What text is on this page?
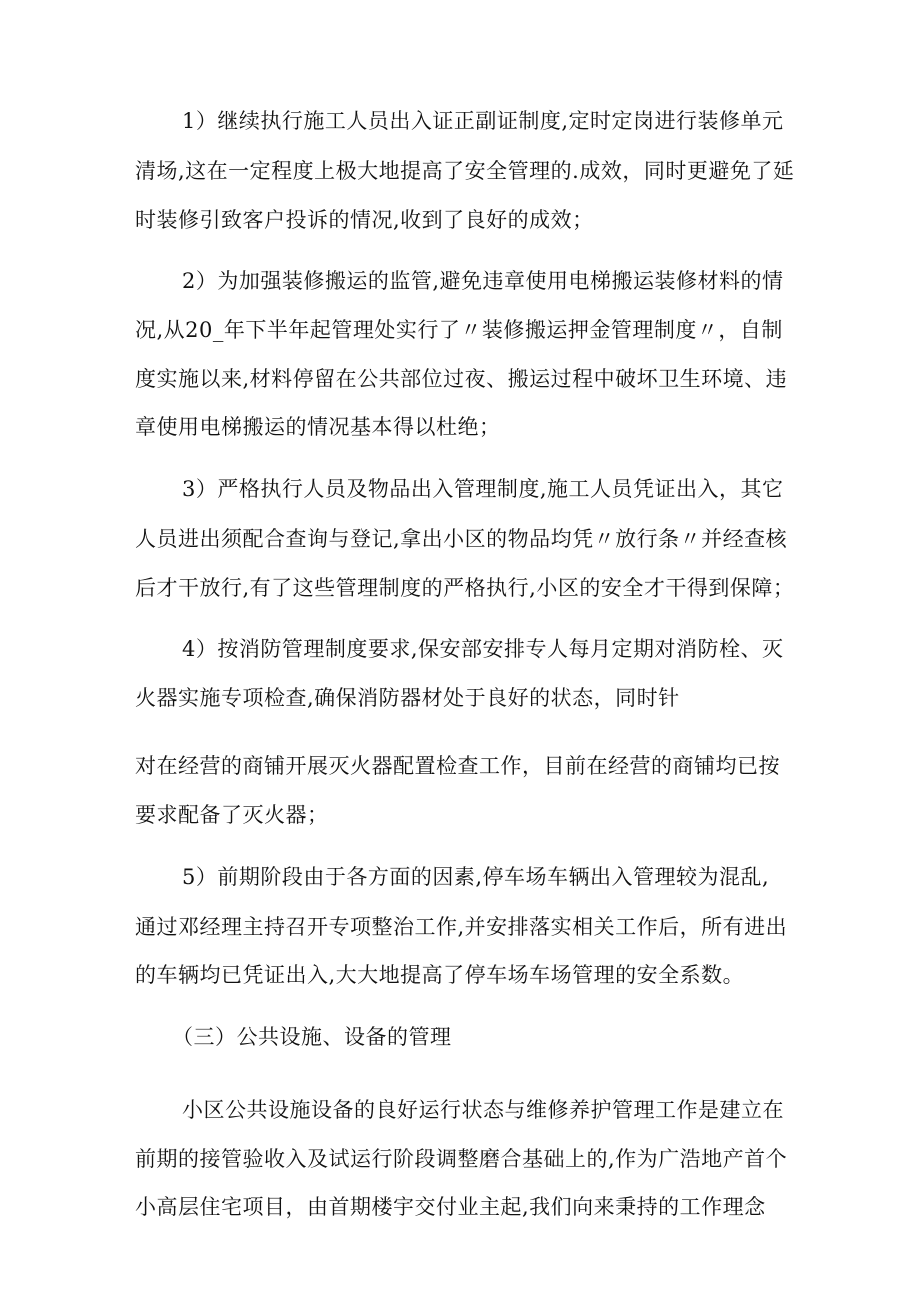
1）继续执行施工人员出入证正副证制度,定时定岗进行装修单元
清场,这在一定程度上极大地提高了安全管理的.成效，同时更避免了延
时装修引致客户投诉的情况,收到了良好的成效；
2）为加强装修搬运的监管,避免违章使用电梯搬运装修材料的情
况,从20_年下半年起管理处实行了〃装修搬运押金管理制度〃，自制
度实施以来,材料停留在公共部位过夜、搬运过程中破坏卫生环境、违
章使用电梯搬运的情况基本得以杜绝；
3）严格执行人员及物品出入管理制度,施工人员凭证出入，其它
人员进出须配合查询与登记,拿出小区的物品均凭〃放行条〃并经查核
后才干放行,有了这些管理制度的严格执行,小区的安全才干得到保障；
4）按消防管理制度要求,保安部安排专人每月定期对消防栓、灭
火器实施专项检查,确保消防器材处于良好的状态，同时针
对在经营的商铺开展灭火器配置检查工作，目前在经营的商铺均已按
要求配备了灭火器；
5）前期阶段由于各方面的因素,停车场车辆出入管理较为混乱,
通过邓经理主持召开专项整治工作,并安排落实相关工作后，所有进出
的车辆均已凭证出入,大大地提高了停车场车场管理的安全系数。
（三）公共设施、设备的管理
小区公共设施设备的良好运行状态与维修养护管理工作是建立在
前期的接管验收入及试运行阶段调整磨合基础上的,作为广浩地产首个
小高层住宅项目，由首期楼宇交付业主起,我们向来秉持的工作理念
